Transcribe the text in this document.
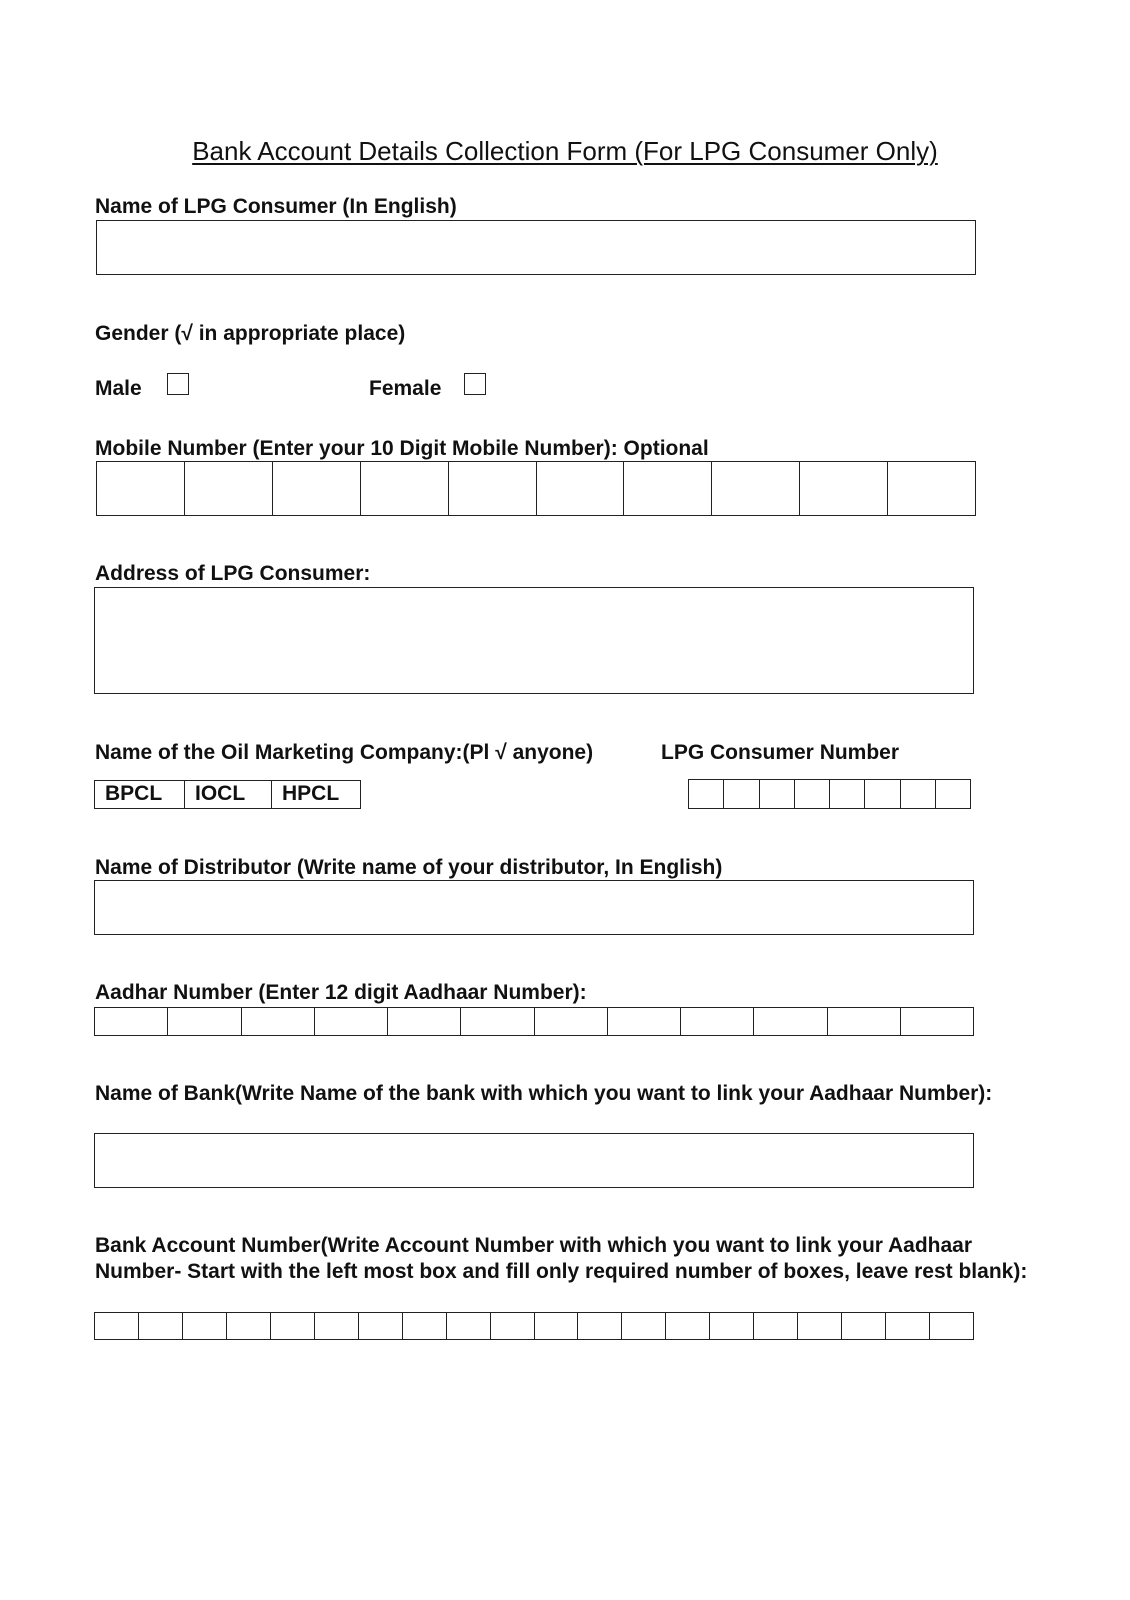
Bank Account Details Collection Form (For LPG Consumer Only)
Name of LPG Consumer (In English)
Gender (√ in appropriate place)
Male	Female
Mobile Number (Enter your 10 Digit Mobile Number): Optional
Address of LPG Consumer:
Name of the Oil Marketing Company:(Pl √ anyone)	LPG Consumer Number
BPCL	IOCL	HPCL
Name of Distributor (Write name of your distributor, In English)
Aadhar Number (Enter 12 digit Aadhaar Number):
Name of Bank(Write Name of the bank with which you want to link your Aadhaar Number):
Bank Account Number(Write Account Number with which you want to link your Aadhaar Number- Start with the left most box and fill only required number of boxes, leave rest blank):
